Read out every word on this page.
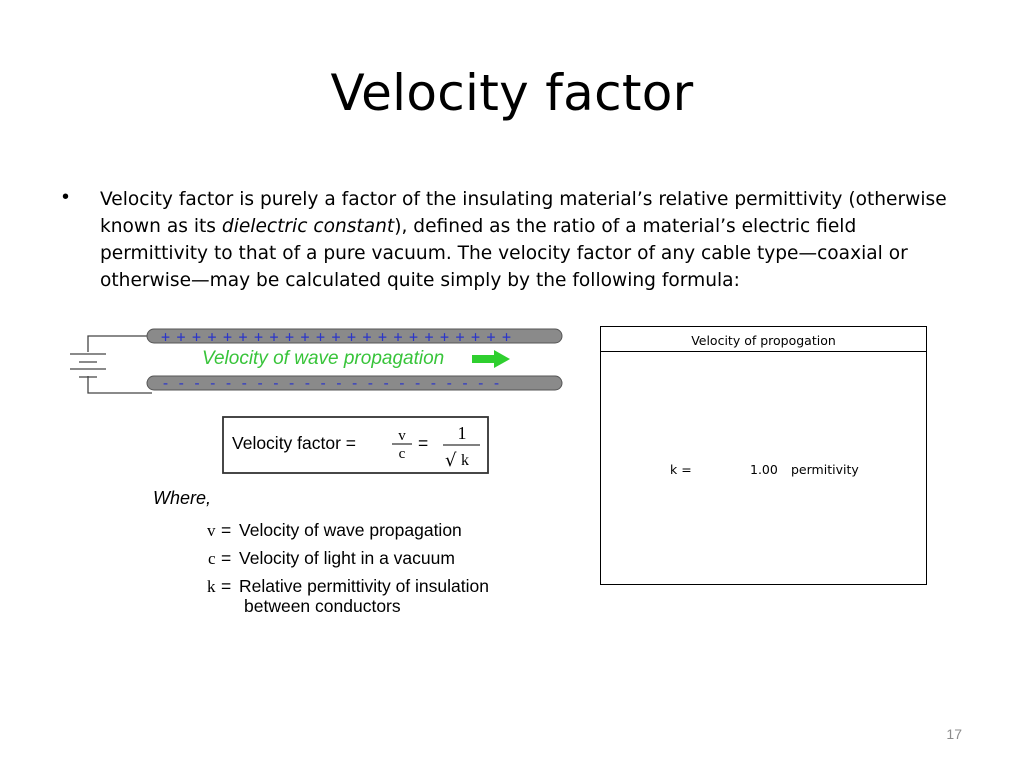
Velocity factor
• Velocity factor is purely a factor of the insulating material’s relative permittivity (otherwise known as its dielectric constant), defined as the ratio of a material’s electric field permittivity to that of a pure vacuum. The velocity factor of any cable type—coaxial or otherwise—may be calculated quite simply by the following formula:
+ + + + + + + + + + + + + + + + + + + + + + +
- - - - - - - - - - - - - - - - - - - - - -
Velocity of wave propagation
Velocity factor =	v
c
= 1
√ k
Where,
v = Velocity of wave propagation
c = Velocity of light in a vacuum
k = Relative permittivity of insulation
between conductors
Velocity of propogation
k =	1.00 permitivity
17
